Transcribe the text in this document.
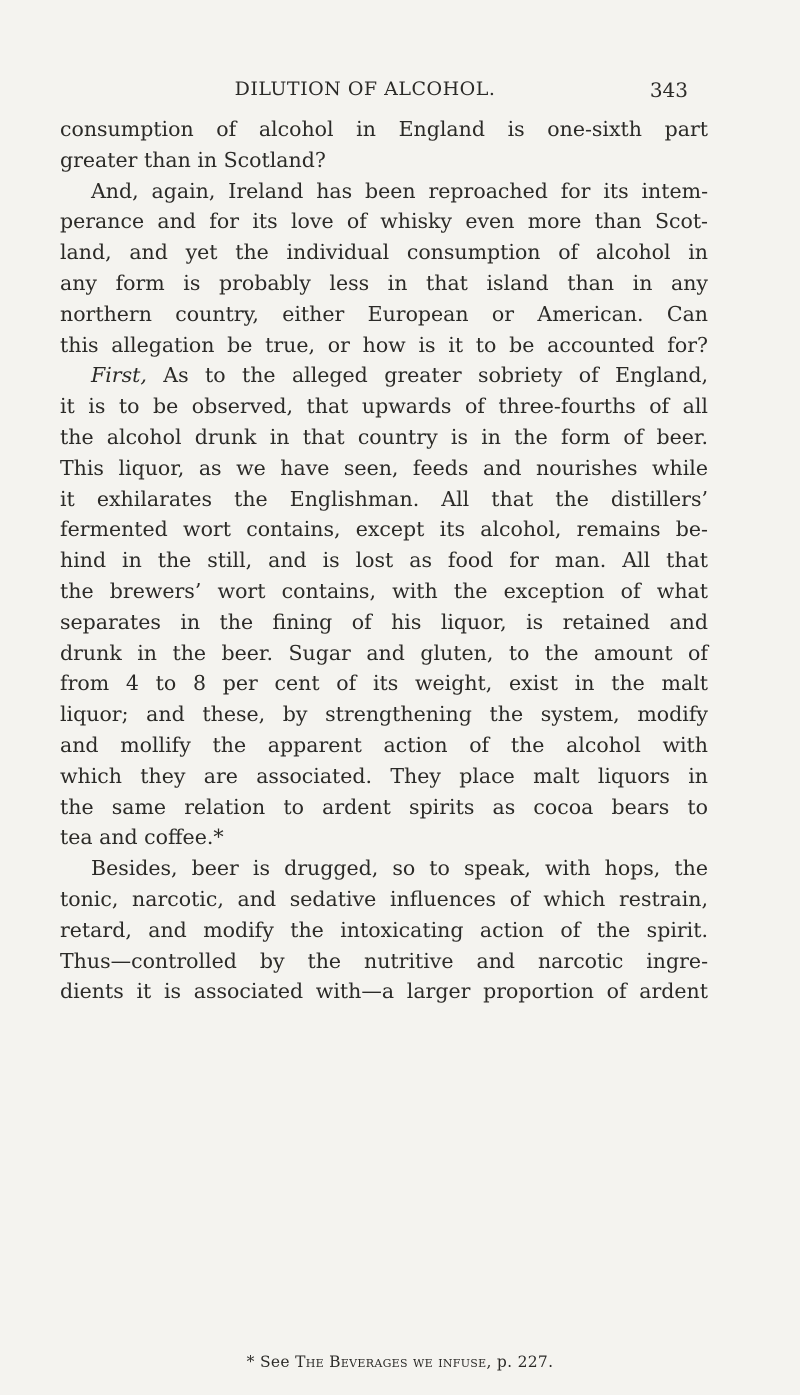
DILUTION OF ALCOHOL.	343
consumption of alcohol in England is one-sixth part
greater than in Scotland?
And, again, Ireland has been reproached for its intem-
perance and for its love of whisky even more than Scot-
land, and yet the individual consumption of alcohol in
any form is probably less in that island than in any
northern country, either European or American. Can
this allegation be true, or how is it to be accounted for?
First, As to the alleged greater sobriety of England,
it is to be observed, that upwards of three-fourths of all
the alcohol drunk in that country is in the form of beer.
This liquor, as we have seen, feeds and nourishes while
it exhilarates the Englishman. All that the distillers’
fermented wort contains, except its alcohol, remains be-
hind in the still, and is lost as food for man. All that
the brewers’ wort contains, with the exception of what
separates in the fining of his liquor, is retained and
drunk in the beer. Sugar and gluten, to the amount of
from 4 to 8 per cent of its weight, exist in the malt
liquor; and these, by strengthening the system, modify
and mollify the apparent action of the alcohol with
which they are associated. They place malt liquors in
the same relation to ardent spirits as cocoa bears to
tea and coffee.*
Besides, beer is drugged, so to speak, with hops, the
tonic, narcotic, and sedative influences of which restrain,
retard, and modify the intoxicating action of the spirit.
Thus—controlled by the nutritive and narcotic ingre-
dients it is associated with—a larger proportion of ardent
* See The Beverages we infuse, p. 227.
